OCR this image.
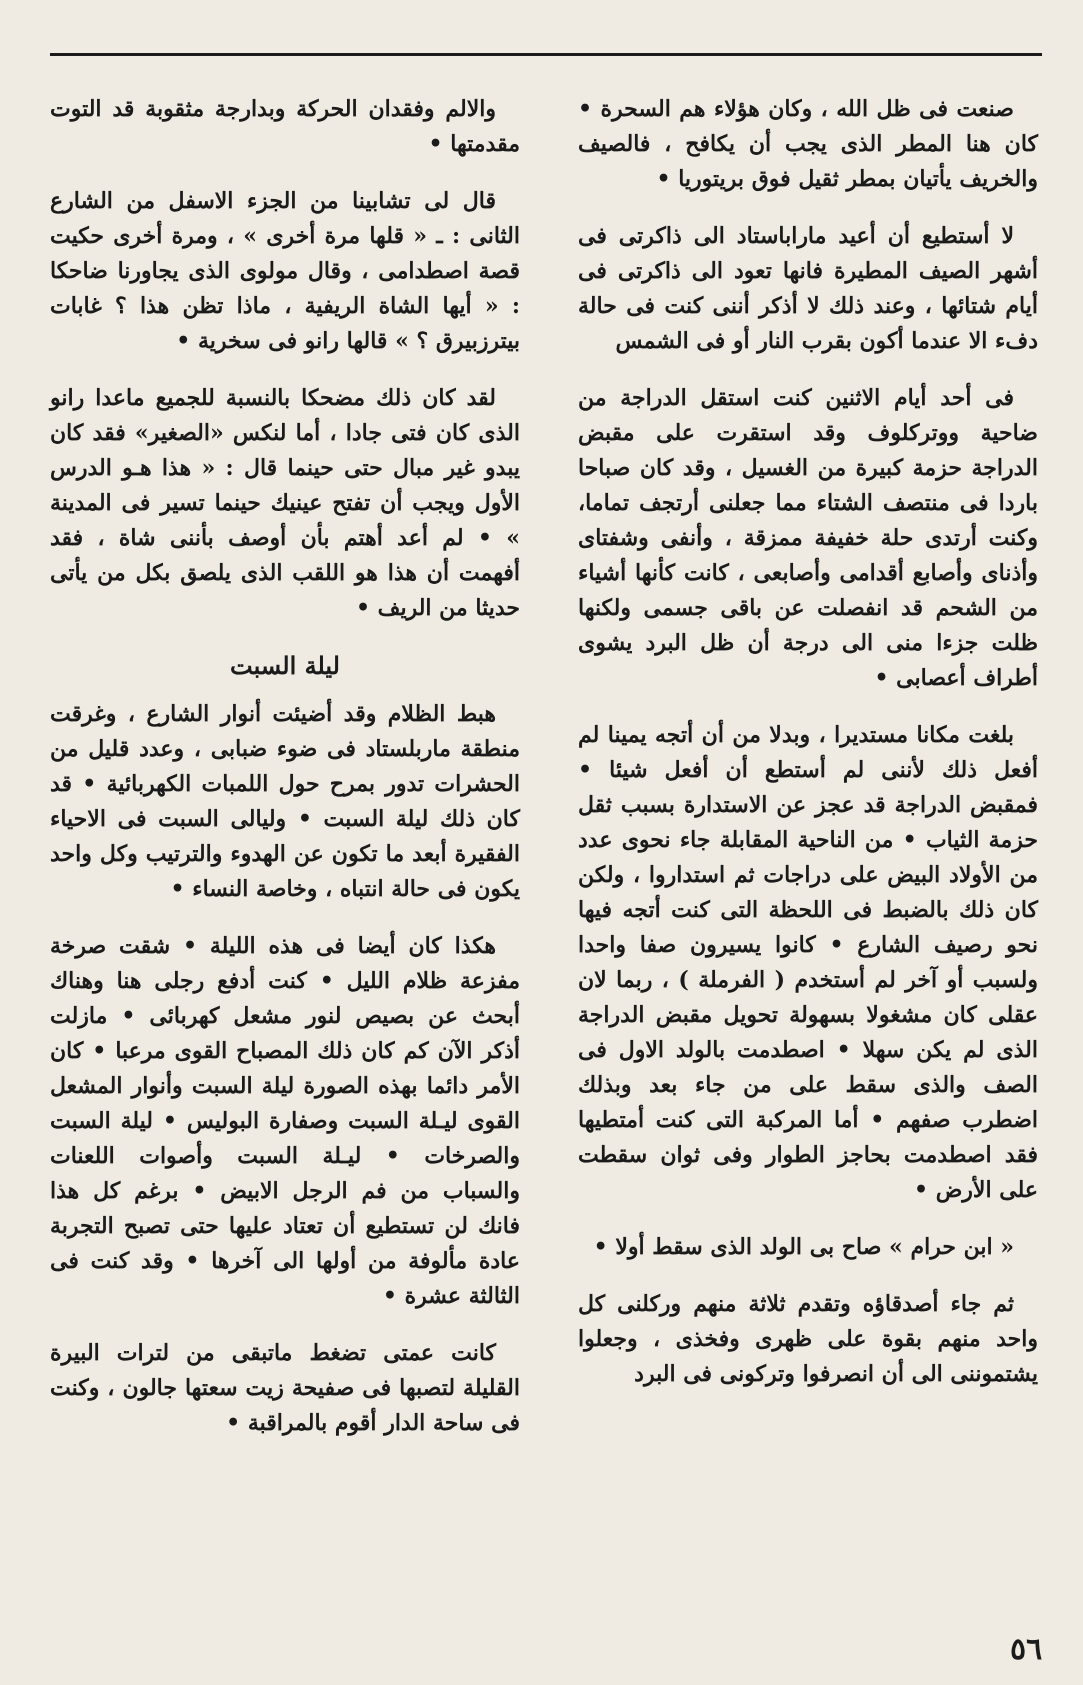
صنعت فى ظل الله ، وكان هؤلاء هم السحرة • كان هنا المطر الذى يجب أن يكافح ، فالصيف والخريف يأتيان بمطر ثقيل فوق بريتوريا •

لا أستطيع أن أعيد ماراباستاد الى ذاكرتى فى أشهر الصيف المطيرة فانها تعود الى ذاكرتى فى أيام شتائها ، وعند ذلك لا أذكر أننى كنت فى حالة دفء الا عندما أكون بقرب النار أو فى الشمس

فى أحد أيام الاثنين كنت استقل الدراجة من ضاحية ووتركلوف وقد استقرت على مقبض الدراجة حزمة كبيرة من الغسيل ، وقد كان صباحا باردا فى منتصف الشتاء مما جعلنى أرتجف تماما، وكنت أرتدى حلة خفيفة ممزقة ، وأنفى وشفتاى وأذناى وأصابع أقدامى وأصابعى ، كانت كأنها أشياء من الشحم قد انفصلت عن باقى جسمى ولكنها ظلت جزءا منى الى درجة أن ظل البرد يشوى أطراف أعصابى •

بلغت مكانا مستديرا ، وبدلا من أن أتجه يمينا لم أفعل ذلك لأننى لم أستطع أن أفعل شيئا • فمقبض الدراجة قد عجز عن الاستدارة بسبب ثقل حزمة الثياب • من الناحية المقابلة جاء نحوى عدد من الأولاد البيض على دراجات ثم استداروا ، ولكن كان ذلك بالضبط فى اللحظة التى كنت أتجه فيها نحو رصيف الشارع • كانوا يسيرون صفا واحدا ولسبب أو آخر لم أستخدم ( الفرملة ) ، ربما لان عقلى كان مشغولا بسهولة تحويل مقبض الدراجة الذى لم يكن سهلا • اصطدمت بالولد الاول فى الصف والذى سقط على من جاء بعد وبذلك اضطرب صفهم • أما المركبة التى كنت أمتطيها فقد اصطدمت بحاجز الطوار وفى ثوان سقطت على الأرض •

« ابن حرام » صاح بى الولد الذى سقط أولا •

ثم جاء أصدقاؤه وتقدم ثلاثة منهم وركلنى كل واحد منهم بقوة على ظهرى وفخذى ، وجعلوا يشتموننى الى أن انصرفوا وتركونى فى البرد

والالم وفقدان الحركة وبدارجة مثقوبة قد التوت مقدمتها •

قال لى تشابينا من الجزء الاسفل من الشارع الثانى : ـ « قلها مرة أخرى » ، ومرة أخرى حكيت قصة اصطدامى ، وقال مولوى الذى يجاورنا ضاحكا : « أيها الشاة الريفية ، ماذا تظن هذا ؟ غابات بيترزبيرق ؟ » قالها رانو فى سخرية •

لقد كان ذلك مضحكا بالنسبة للجميع ماعدا رانو الذى كان فتى جادا ، أما لنكس «الصغير» فقد كان يبدو غير مبال حتى حينما قال : « هذا هـو الدرس الأول ويجب أن تفتح عينيك حينما تسير فى المدينة » • لم أعد أهتم بأن أوصف بأننى شاة ، فقد أفهمت أن هذا هو اللقب الذى يلصق بكل من يأتى حديثا من الريف •

ليلة السبت

هبط الظلام وقد أضيئت أنوار الشارع ، وغرقت منطقة ماربلستاد فى ضوء ضبابى ، وعدد قليل من الحشرات تدور بمرح حول اللمبات الكهربائية • قد كان ذلك ليلة السبت • وليالى السبت فى الاحياء الفقيرة أبعد ما تكون عن الهدوء والترتيب وكل واحد يكون فى حالة انتباه ، وخاصة النساء •

هكذا كان أيضا فى هذه الليلة • شقت صرخة مفزعة ظلام الليل • كنت أدفع رجلى هنا وهناك أبحث عن بصيص لنور مشعل كهربائى • مازلت أذكر الآن كم كان ذلك المصباح القوى مرعبا • كان الأمر دائما بهذه الصورة ليلة السبت وأنوار المشعل القوى ليـلة السبت وصفارة البوليس • ليلة السبت والصرخات • ليـلة السبت وأصوات اللعنات والسباب من فم الرجل الابيض • برغم كل هذا فانك لن تستطيع أن تعتاد عليها حتى تصبح التجربة عادة مألوفة من أولها الى آخرها • وقد كنت فى الثالثة عشرة •

كانت عمتى تضغط ماتبقى من لترات البيرة القليلة لتصبها فى صفيحة زيت سعتها جالون ، وكنت فى ساحة الدار أقوم بالمراقبة •

٥٦
